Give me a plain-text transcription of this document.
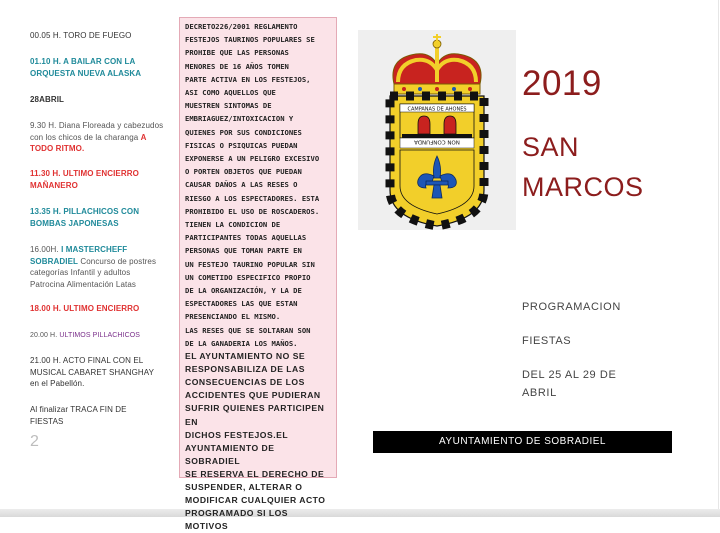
00.05 H. TORO DE FUEGO
01.10 H. A BAILAR CON LA
ORQUESTA NUEVA ALASKA
28ABRIL
9.30 H. Diana Floreada y cabezudos
con los chicos de la charanga A
TODO RITMO.
11.30 H. ULTIMO ENCIERRO
MAÑANERO
13.35 H. PILLACHICOS CON
BOMBAS JAPONESAS
16.00H. I MASTERCHEFF
SOBRADIEL Concurso de postres
categorías Infantil y adultos
Patrocina Alimentación Latas
18.00 H. ULTIMO ENCIERRO
20.00 H. ULTIMOS PILLACHICOS
21.00 H. ACTO FINAL CON EL
MUSICAL CABARET SHANGHAY
en el Pabellón.
Al finalizar TRACA FIN DE
FIESTAS
2

DECRETO226/2001 REGLAMENTO

FESTEJOS TAURINOS POPULARES SE

PROHIBE QUE LAS PERSONAS

MENORES DE 16 AÑOS TOMEN

PARTE ACTIVA EN LOS FESTEJOS,

ASI COMO AQUELLOS QUE

MUESTREN SINTOMAS DE

EMBRIAGUEZ/INTOXICACION Y

QUIENES POR SUS CONDICIONES

FISICAS O PSIQUICAS PUEDAN

EXPONERSE A UN PELIGRO EXCESIVO

O PORTEN OBJETOS QUE PUEDAN

CAUSAR DAÑOS A LAS RESES O

RIESGO A LOS ESPECTADORES. ESTA

PROHIBIDO EL USO DE ROSCADEROS.

TIENEN LA CONDICION DE

PARTICIPANTES TODAS AQUELLAS

PERSONAS QUE TOMAN PARTE EN

UN FESTEJO TAURINO POPULAR SIN

UN COMETIDO ESPECIFICO PROPIO

DE LA ORGANIZACIÓN, Y LA DE

ESPECTADORES LAS QUE ESTAN

PRESENCIANDO EL MISMO.

LAS RESES QUE SE SOLTARAN SON

DE LA GANADERIA LOS MAÑOS.

EL AYUNTAMIENTO NO SE

RESPONSABILIZA DE LAS

CONSECUENCIAS DE LOS

ACCIDENTES QUE PUDIERAN

SUFRIR QUIENES PARTICIPEN EN

DICHOS FESTEJOS.EL

AYUNTAMIENTO DE SOBRADIEL

SE RESERVA EL DERECHO DE

SUSPENDER, ALTERAR O

MODIFICAR CUALQUIER ACTO

PROGRAMADO SI LOS MOTIVOS

CAMPANAS DE AHONES
NON CONFUNDA
2019
SAN
MARCOS
PROGRAMACION
FIESTAS
DEL 25 AL 29 DE
ABRIL
AYUNTAMIENTO DE SOBRADIEL
